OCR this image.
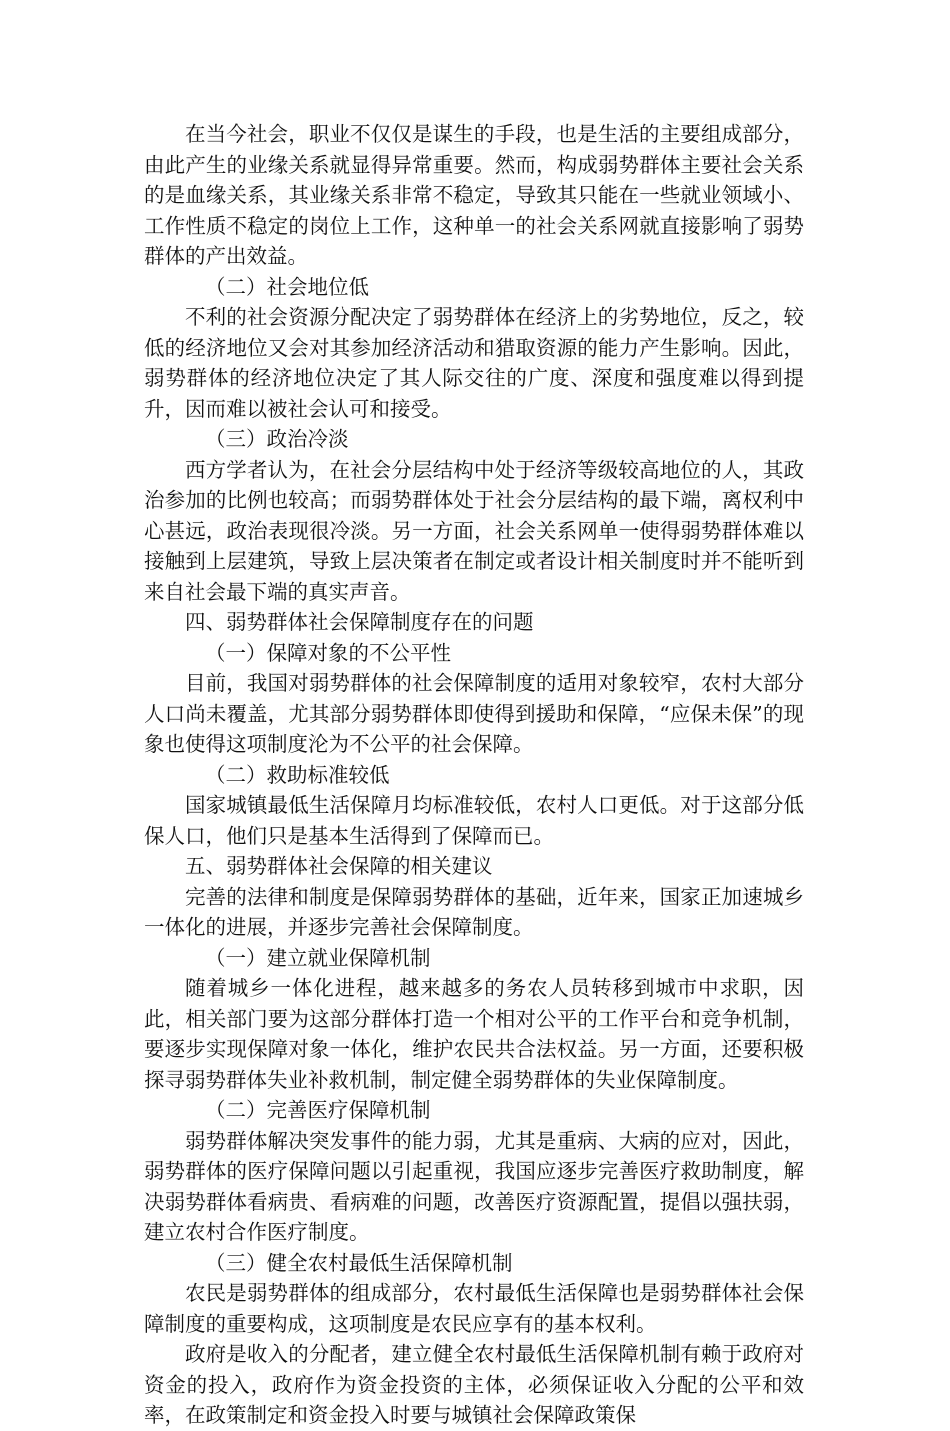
在当今社会，职业不仅仅是谋生的手段，也是生活的主要组成部分，由此产生的业缘关系就显得异常重要。然而，构成弱势群体主要社会关系的是血缘关系，其业缘关系非常不稳定，导致其只能在一些就业领域小、工作性质不稳定的岗位上工作，这种单一的社会关系网就直接影响了弱势群体的产出效益。

（二）社会地位低

不利的社会资源分配决定了弱势群体在经济上的劣势地位，反之，较低的经济地位又会对其参加经济活动和猎取资源的能力产生影响。因此，弱势群体的经济地位决定了其人际交往的广度、深度和强度难以得到提升，因而难以被社会认可和接受。

（三）政治冷淡

西方学者认为，在社会分层结构中处于经济等级较高地位的人，其政治参加的比例也较高；而弱势群体处于社会分层结构的最下端，离权利中心甚远，政治表现很冷淡。另一方面，社会关系网单一使得弱势群体难以接触到上层建筑，导致上层决策者在制定或者设计相关制度时并不能听到来自社会最下端的真实声音。

四、弱势群体社会保障制度存在的问题

（一）保障对象的不公平性

目前，我国对弱势群体的社会保障制度的适用对象较窄，农村大部分人口尚未覆盖，尤其部分弱势群体即使得到援助和保障，“应保未保”的现象也使得这项制度沦为不公平的社会保障。

（二）救助标准较低

国家城镇最低生活保障月均标准较低，农村人口更低。对于这部分低保人口，他们只是基本生活得到了保障而已。

五、弱势群体社会保障的相关建议

完善的法律和制度是保障弱势群体的基础，近年来，国家正加速城乡一体化的进展，并逐步完善社会保障制度。

（一）建立就业保障机制

随着城乡一体化进程，越来越多的务农人员转移到城市中求职，因此，相关部门要为这部分群体打造一个相对公平的工作平台和竞争机制，要逐步实现保障对象一体化，维护农民共合法权益。另一方面，还要积极探寻弱势群体失业补救机制，制定健全弱势群体的失业保障制度。

（二）完善医疗保障机制

弱势群体解决突发事件的能力弱，尤其是重病、大病的应对，因此，弱势群体的医疗保障问题以引起重视，我国应逐步完善医疗救助制度，解决弱势群体看病贵、看病难的问题，改善医疗资源配置，提倡以强扶弱，建立农村合作医疗制度。

（三）健全农村最低生活保障机制

农民是弱势群体的组成部分，农村最低生活保障也是弱势群体社会保障制度的重要构成，这项制度是农民应享有的基本权利。

政府是收入的分配者，建立健全农村最低生活保障机制有赖于政府对资金的投入，政府作为资金投资的主体，必须保证收入分配的公平和效率，在政策制定和资金投入时要与城镇社会保障政策保
